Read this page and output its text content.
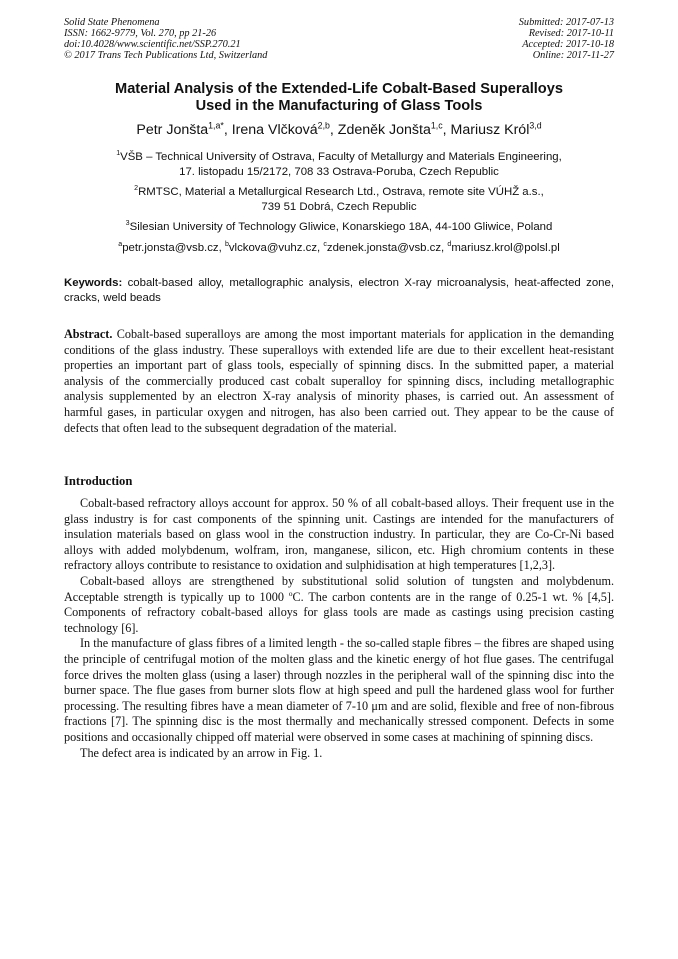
Solid State Phenomena
ISSN: 1662-9779, Vol. 270, pp 21-26
doi:10.4028/www.scientific.net/SSP.270.21
© 2017 Trans Tech Publications Ltd, Switzerland
Submitted: 2017-07-13
Revised: 2017-10-11
Accepted: 2017-10-18
Online: 2017-11-27
Material Analysis of the Extended-Life Cobalt-Based Superalloys
Used in the Manufacturing of Glass Tools
Petr Jonšta$^{1,a*}$, Irena Vlčková$^{2,b}$, Zdeněk Jonšta$^{1,c}$, Mariusz Król$^{3,d}$
$^1$VŠB – Technical University of Ostrava, Faculty of Metallurgy and Materials Engineering,
17. listopadu 15/2172, 708 33 Ostrava-Poruba, Czech Republic
$^2$RMTSC, Material a Metallurgical Research Ltd., Ostrava, remote site VÚHŽ a.s.,
739 51 Dobrá, Czech Republic
$^3$Silesian University of Technology Gliwice, Konarskiego 18A, 44-100 Gliwice, Poland
$^a$petr.jonsta@vsb.cz, $^b$vlckova@vuhz.cz, $^c$zdenek.jonsta@vsb.cz, $^d$mariusz.krol@polsl.pl
Keywords: cobalt-based alloy, metallographic analysis, electron X-ray microanalysis, heat-affected zone, cracks, weld beads
Abstract. Cobalt-based superalloys are among the most important materials for application in the demanding conditions of the glass industry. These superalloys with extended life are due to their excellent heat-resistant properties an important part of glass tools, especially of spinning discs. In the submitted paper, a material analysis of the commercially produced cast cobalt superalloy for spinning discs, including metallographic analysis supplemented by an electron X-ray analysis of minority phases, is carried out. An assessment of harmful gases, in particular oxygen and nitrogen, has also been carried out. They appear to be the cause of defects that often lead to the subsequent degradation of the material.
Introduction

Cobalt-based refractory alloys account for approx. 50 % of all cobalt-based alloys. Their frequent use in the glass industry is for cast components of the spinning unit. Castings are intended for the manufacturers of insulation materials based on glass wool in the construction industry. In particular, they are Co-Cr-Ni based alloys with added molybdenum, wolfram, iron, manganese, silicon, etc. High chromium contents in these refractory alloys contribute to resistance to oxidation and sulphidisation at high temperatures [1,2,3].

Cobalt-based alloys are strengthened by substitutional solid solution of tungsten and molybdenum. Acceptable strength is typically up to 1000 $^o$C. The carbon contents are in the range of 0.25-1 wt. % [4,5]. Components of refractory cobalt-based alloys for glass tools are made as castings using precision casting technology [6].

In the manufacture of glass fibres of a limited length - the so-called staple fibres – the fibres are shaped using the principle of centrifugal motion of the molten glass and the kinetic energy of hot flue gases. The centrifugal force drives the molten glass (using a laser) through nozzles in the peripheral wall of the spinning disc into the burner space. The flue gases from burner slots flow at high speed and pull the hardened glass wool for further processing. The resulting fibres have a mean diameter of 7-10 μm and are solid, flexible and free of non-fibrous fractions [7]. The spinning disc is the most thermally and mechanically stressed component. Defects in some positions and occasionally chipped off material were observed in some cases at machining of spinning discs.

The defect area is indicated by an arrow in Fig. 1.
